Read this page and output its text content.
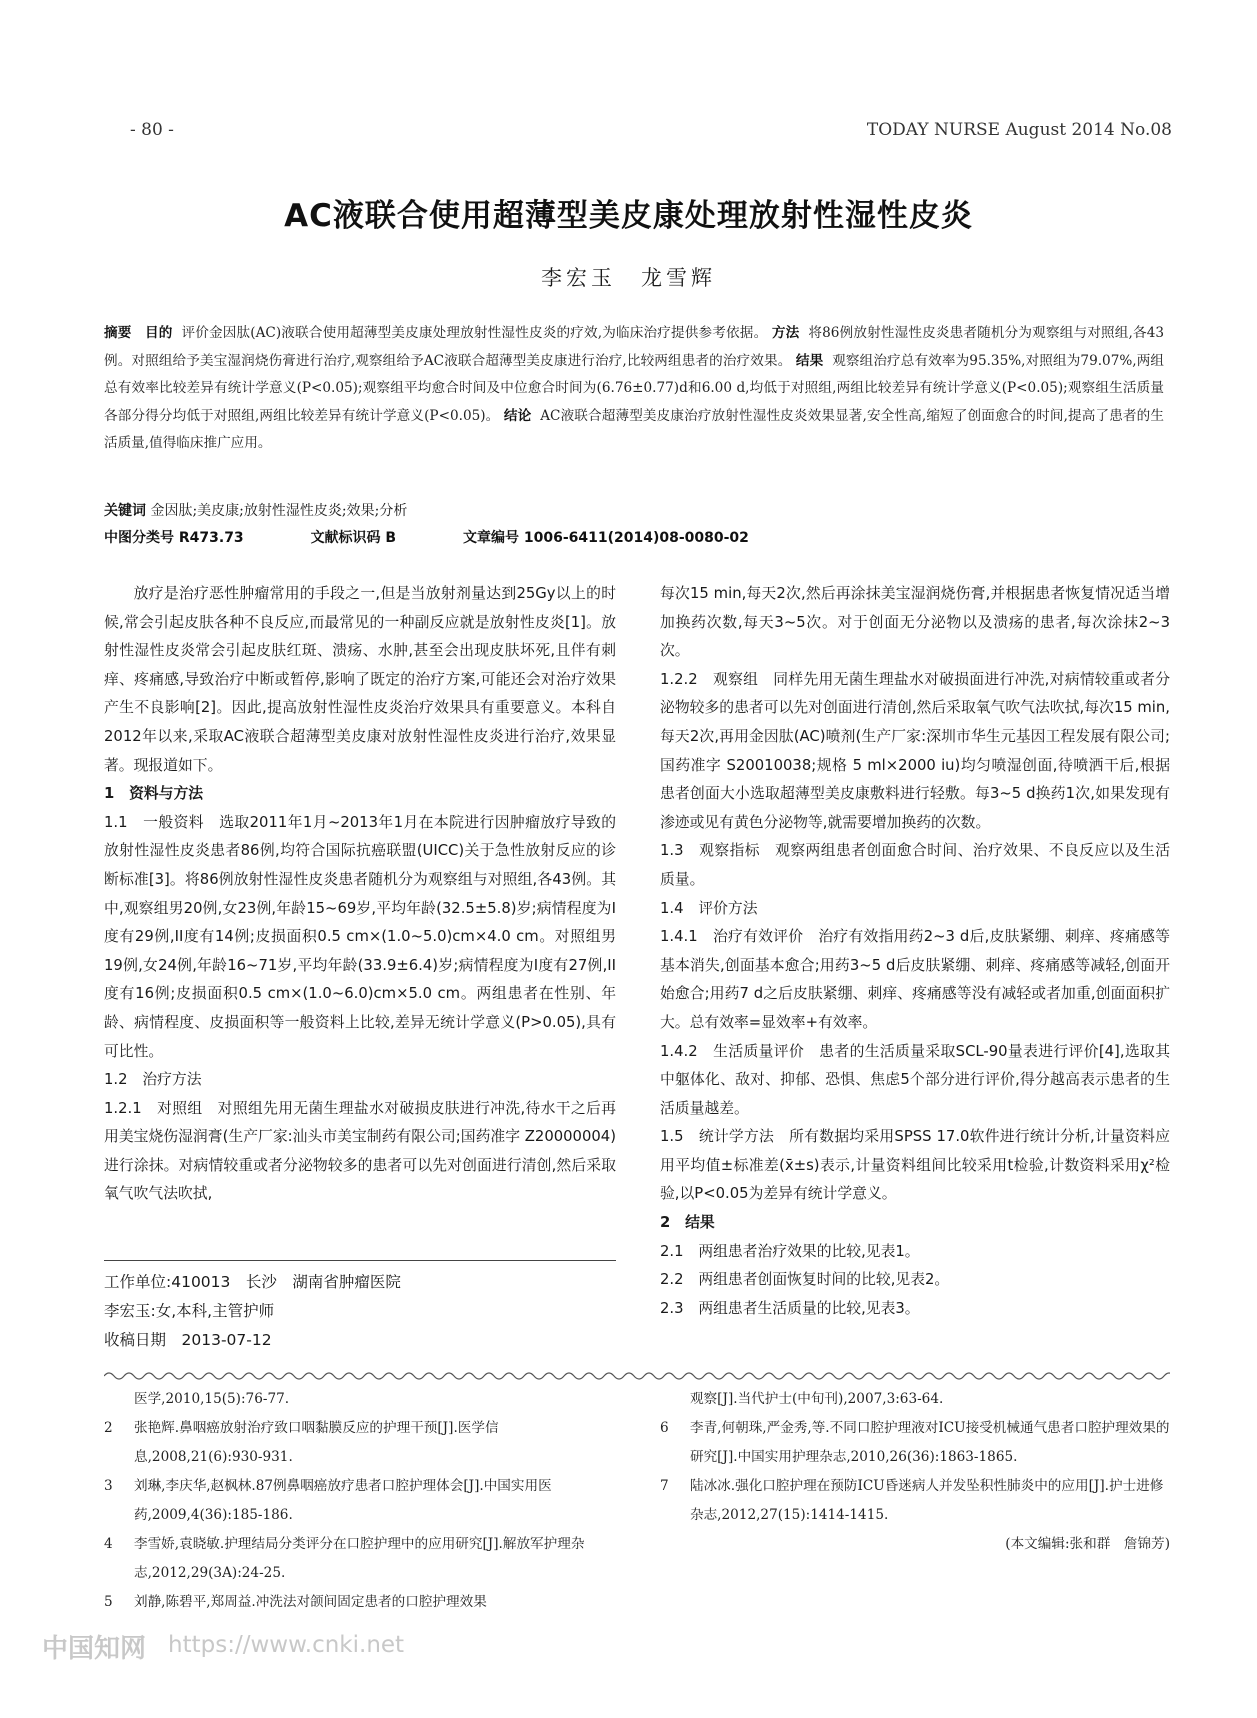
- 80 -	TODAY NURSE August 2014 No.08
AC液联合使用超薄型美皮康处理放射性湿性皮炎
李宏玉　龙雪辉
摘要 目的 评价金因肽(AC)液联合使用超薄型美皮康处理放射性湿性皮炎的疗效,为临床治疗提供参考依据。 方法 将86例放射性湿性皮炎患者随机分为观察组与对照组,各43例。对照组给予美宝湿润烧伤膏进行治疗,观察组给予AC液联合超薄型美皮康进行治疗,比较两组患者的治疗效果。 结果 观察组治疗总有效率为95.35%,对照组为79.07%,两组总有效率比较差异有统计学意义(P<0.05);观察组平均愈合时间及中位愈合时间为(6.76±0.77)d和6.00 d,均低于对照组,两组比较差异有统计学意义(P<0.05);观察组生活质量各部分得分均低于对照组,两组比较差异有统计学意义(P<0.05)。 结论 AC液联合超薄型美皮康治疗放射性湿性皮炎效果显著,安全性高,缩短了创面愈合的时间,提高了患者的生活质量,值得临床推广应用。
关键词 金因肽;美皮康;放射性湿性皮炎;效果;分析
中图分类号 R473.73	文献标识码 B	文章编号 1006-6411(2014)08-0080-02

放疗是治疗恶性肿瘤常用的手段之一,但是当放射剂量达到25Gy以上的时候,常会引起皮肤各种不良反应,而最常见的一种副反应就是放射性皮炎[1]。放射性湿性皮炎常会引起皮肤红斑、溃疡、水肿,甚至会出现皮肤坏死,且伴有刺痒、疼痛感,导致治疗中断或暂停,影响了既定的治疗方案,可能还会对治疗效果产生不良影响[2]。因此,提高放射性湿性皮炎治疗效果具有重要意义。本科自2012年以来,采取AC液联合超薄型美皮康对放射性湿性皮炎进行治疗,效果显著。现报道如下。

1　资料与方法

1.1　一般资料　选取2011年1月~2013年1月在本院进行因肿瘤放疗导致的放射性湿性皮炎患者86例,均符合国际抗癌联盟(UICC)关于急性放射反应的诊断标准[3]。将86例放射性湿性皮炎患者随机分为观察组与对照组,各43例。其中,观察组男20例,女23例,年龄15~69岁,平均年龄(32.5±5.8)岁;病情程度为I度有29例,II度有14例;皮损面积0.5 cm×(1.0~5.0)cm×4.0 cm。对照组男19例,女24例,年龄16~71岁,平均年龄(33.9±6.4)岁;病情程度为I度有27例,II度有16例;皮损面积0.5 cm×(1.0~6.0)cm×5.0 cm。两组患者在性别、年龄、病情程度、皮损面积等一般资料上比较,差异无统计学意义(P>0.05),具有可比性。

1.2　治疗方法

1.2.1　对照组　对照组先用无菌生理盐水对破损皮肤进行冲洗,待水干之后再用美宝烧伤湿润膏(生产厂家:汕头市美宝制药有限公司;国药准字 Z20000004)进行涂抹。对病情较重或者分泌物较多的患者可以先对创面进行清创,然后采取氧气吹气法吹拭,

工作单位:410013　长沙　湖南省肿瘤医院

李宏玉:女,本科,主管护师

收稿日期　2013-07-12

每次15 min,每天2次,然后再涂抹美宝湿润烧伤膏,并根据患者恢复情况适当增加换药次数,每天3~5次。对于创面无分泌物以及溃疡的患者,每次涂抹2~3次。

1.2.2　观察组　同样先用无菌生理盐水对破损面进行冲洗,对病情较重或者分泌物较多的患者可以先对创面进行清创,然后采取氧气吹气法吹拭,每次15 min,每天2次,再用金因肽(AC)喷剂(生产厂家:深圳市华生元基因工程发展有限公司;国药准字 S20010038;规格 5 ml×2000 iu)均匀喷湿创面,待喷洒干后,根据患者创面大小选取超薄型美皮康敷料进行轻敷。每3~5 d换药1次,如果发现有渗迹或见有黄色分泌物等,就需要增加换药的次数。

1.3　观察指标　观察两组患者创面愈合时间、治疗效果、不良反应以及生活质量。

1.4　评价方法

1.4.1　治疗有效评价　治疗有效指用药2~3 d后,皮肤紧绷、刺痒、疼痛感等基本消失,创面基本愈合;用药3~5 d后皮肤紧绷、刺痒、疼痛感等减轻,创面开始愈合;用药7 d之后皮肤紧绷、刺痒、疼痛感等没有减轻或者加重,创面面积扩大。总有效率=显效率+有效率。

1.4.2　生活质量评价　患者的生活质量采取SCL-90量表进行评价[4],选取其中躯体化、敌对、抑郁、恐惧、焦虑5个部分进行评价,得分越高表示患者的生活质量越差。

1.5　统计学方法　所有数据均采用SPSS 17.0软件进行统计分析,计量资料应用平均值±标准差(x̄±s)表示,计量资料组间比较采用t检验,计数资料采用χ²检验,以P<0.05为差异有统计学意义。

2　结果

2.1　两组患者治疗效果的比较,见表1。

2.2　两组患者创面恢复时间的比较,见表2。

2.3　两组患者生活质量的比较,见表3。

医学,2010,15(5):76-77.
2	张艳辉.鼻咽癌放射治疗致口咽黏膜反应的护理干预[J].医学信息,2008,21(6):930-931.
3	刘琳,李庆华,赵枫林.87例鼻咽癌放疗患者口腔护理体会[J].中国实用医药,2009,4(36):185-186.
4	李雪娇,袁晓敏.护理结局分类评分在口腔护理中的应用研究[J].解放军护理杂志,2012,29(3A):24-25.
5	刘静,陈碧平,郑周益.冲洗法对颌间固定患者的口腔护理效果
观察[J].当代护士(中旬刊),2007,3:63-64.
6	李青,何朝珠,严金秀,等.不同口腔护理液对ICU接受机械通气患者口腔护理效果的研究[J].中国实用护理杂志,2010,26(36):1863-1865.
7	陆冰冰.强化口腔护理在预防ICU昏迷病人并发坠积性肺炎中的应用[J].护士进修杂志,2012,27(15):1414-1415.
(本文编辑:张和群　詹锦芳)
中国知网 https://www.cnki.net
